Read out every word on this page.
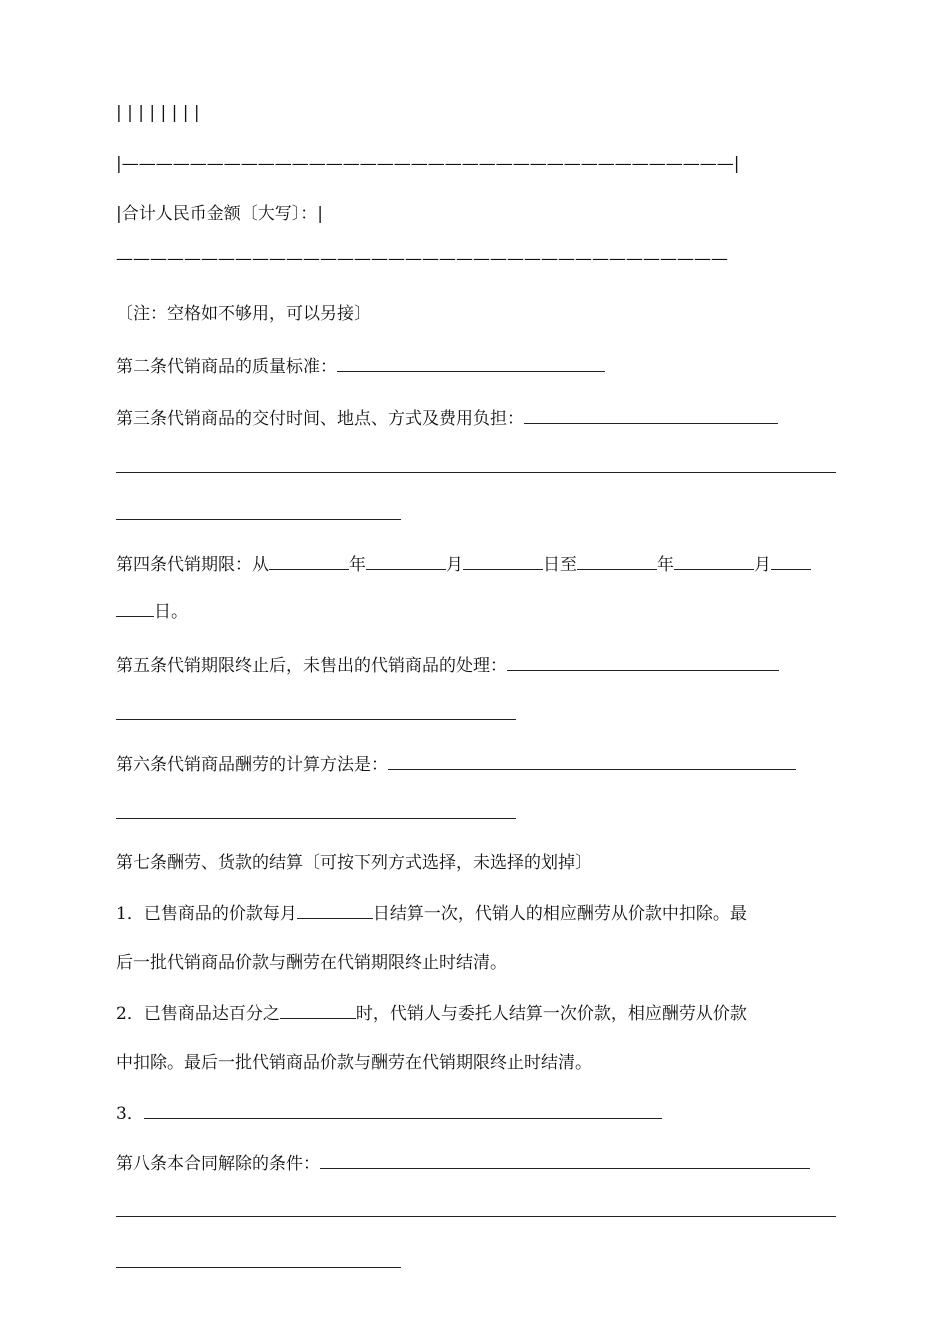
| | | | | | | |
|————————————————————————————————————|
|合计人民币金额〔大写〕：|
————————————————————————————————————
〔注：空格如不够用，可以另接〕
第二条代销商品的质量标准：
第三条代销商品的交付时间、地点、方式及费用负担：
第四条代销期限：从	年	月	日至	年	月
日。
第五条代销期限终止后，未售出的代销商品的处理：
第六条代销商品酬劳的计算方法是：
第七条酬劳、货款的结算〔可按下列方式选择，未选择的划掉〕
1．已售商品的价款每月	日结算一次，代销人的相应酬劳从价款中扣除。最
后一批代销商品价款与酬劳在代销期限终止时结清。
2．已售商品达百分之	时，代销人与委托人结算一次价款，相应酬劳从价款
中扣除。最后一批代销商品价款与酬劳在代销期限终止时结清。
3．
第八条本合同解除的条件：
